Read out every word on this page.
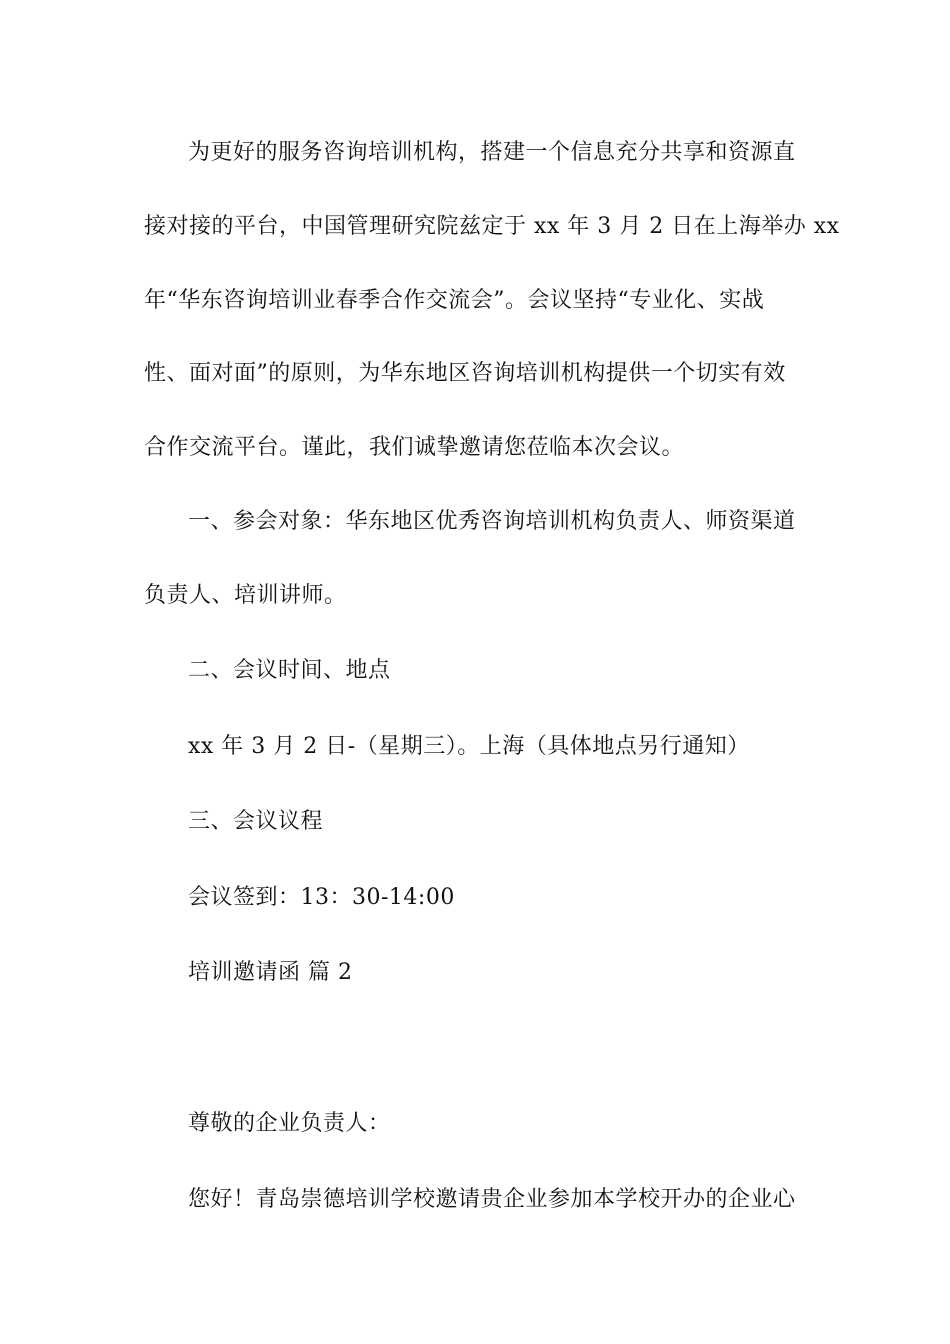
为更好的服务咨询培训机构，搭建一个信息充分共享和资源直
接对接的平台，中国管理研究院兹定于 xx 年 3 月 2 日在上海举办 xx
年“华东咨询培训业春季合作交流会”。会议坚持“专业化、实战
性、面对面”的原则，为华东地区咨询培训机构提供一个切实有效
合作交流平台。谨此，我们诚挚邀请您莅临本次会议。
一、参会对象：华东地区优秀咨询培训机构负责人、师资渠道
负责人、培训讲师。
二、会议时间、地点
xx 年 3 月 2 日-（星期三）。上海（具体地点另行通知）
三、会议议程
会议签到：13：30-14:00
培训邀请函 篇 2
尊敬的企业负责人：
您好！青岛崇德培训学校邀请贵企业参加本学校开办的企业心
